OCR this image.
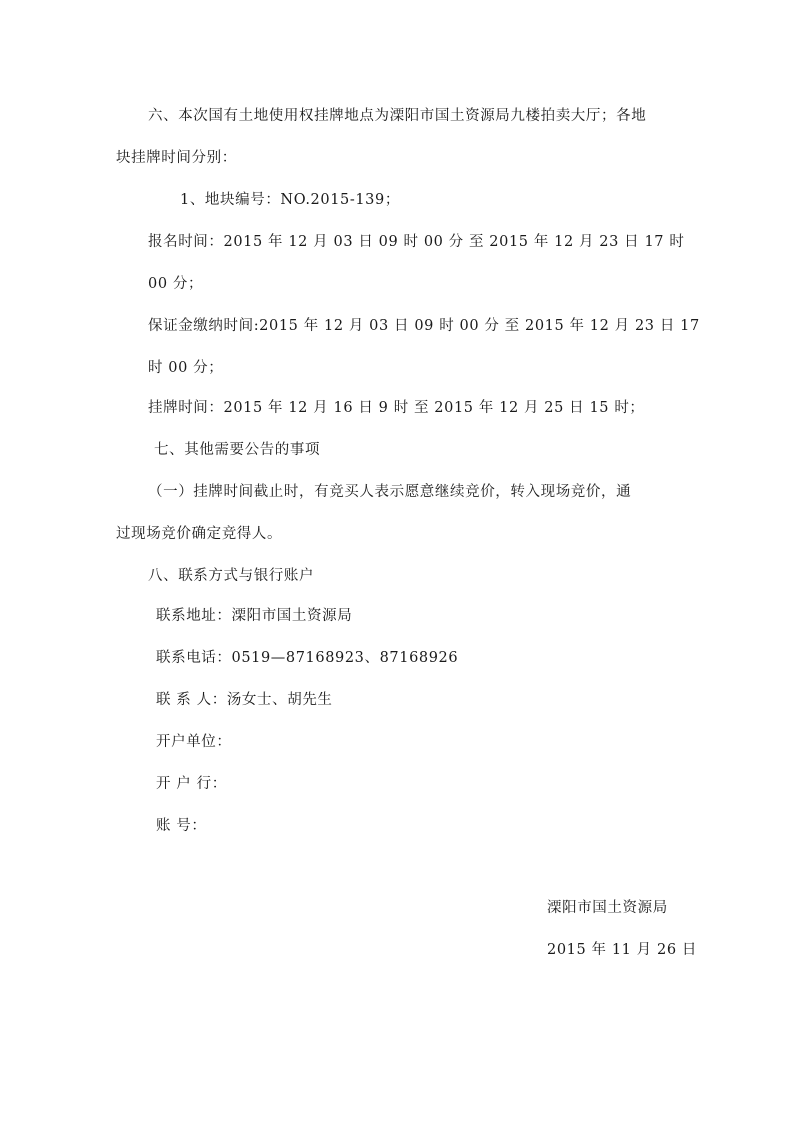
六、本次国有土地使用权挂牌地点为溧阳市国土资源局九楼拍卖大厅；各地
块挂牌时间分别：
1、地块编号：NO.2015-139；
报名时间：2015 年 12 月 03 日 09 时 00 分 至 2015 年 12 月 23 日 17 时
00 分；
保证金缴纳时间:2015 年 12 月 03 日 09 时 00 分 至 2015 年 12 月 23 日 17
时 00 分；
挂牌时间：2015 年 12 月 16 日 9 时 至 2015 年 12 月 25 日 15 时；
七、其他需要公告的事项
（一）挂牌时间截止时，有竞买人表示愿意继续竞价，转入现场竞价，通
过现场竞价确定竞得人。
八、联系方式与银行账户
联系地址：溧阳市国土资源局
联系电话：0519—87168923、87168926
联 系 人：汤女士、胡先生
开户单位：
开 户 行：
账 号：
溧阳市国土资源局
2015 年 11 月 26 日
